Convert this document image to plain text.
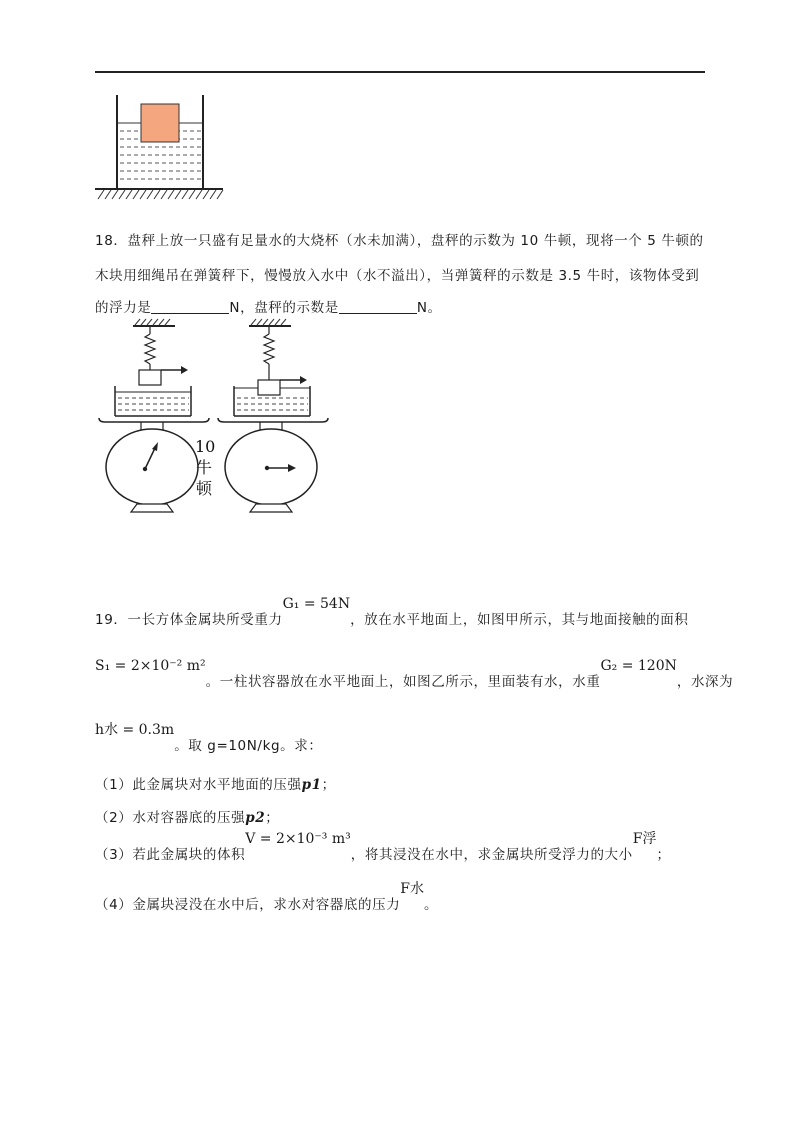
18．盘秤上放一只盛有足量水的大烧杯（水未加满），盘秤的示数为 10 牛顿，现将一个 5 牛顿的
木块用细绳吊在弹簧秤下，慢慢放入水中（水不溢出），当弹簧秤的示数是 3.5 牛时，该物体受到
的浮力是	N，盘秤的示数是	N。
10
牛
顿
19．一长方体金属块所受重力G₁ = 54N，放在水平地面上，如图甲所示，其与地面接触的面积
S₁ = 2×10⁻² m²。一柱状容器放在水平地面上，如图乙所示，里面装有水，水重G₂ = 120N，水深为
h水 = 0.3m。取 g=10N/kg。求：
（1）此金属块对水平地面的压强p1；
（2）水对容器底的压强p2；
（3）若此金属块的体积V = 2×10⁻³ m³，将其浸没在水中，求金属块所受浮力的大小F浮；
（4）金属块浸没在水中后，求水对容器底的压力F水。
